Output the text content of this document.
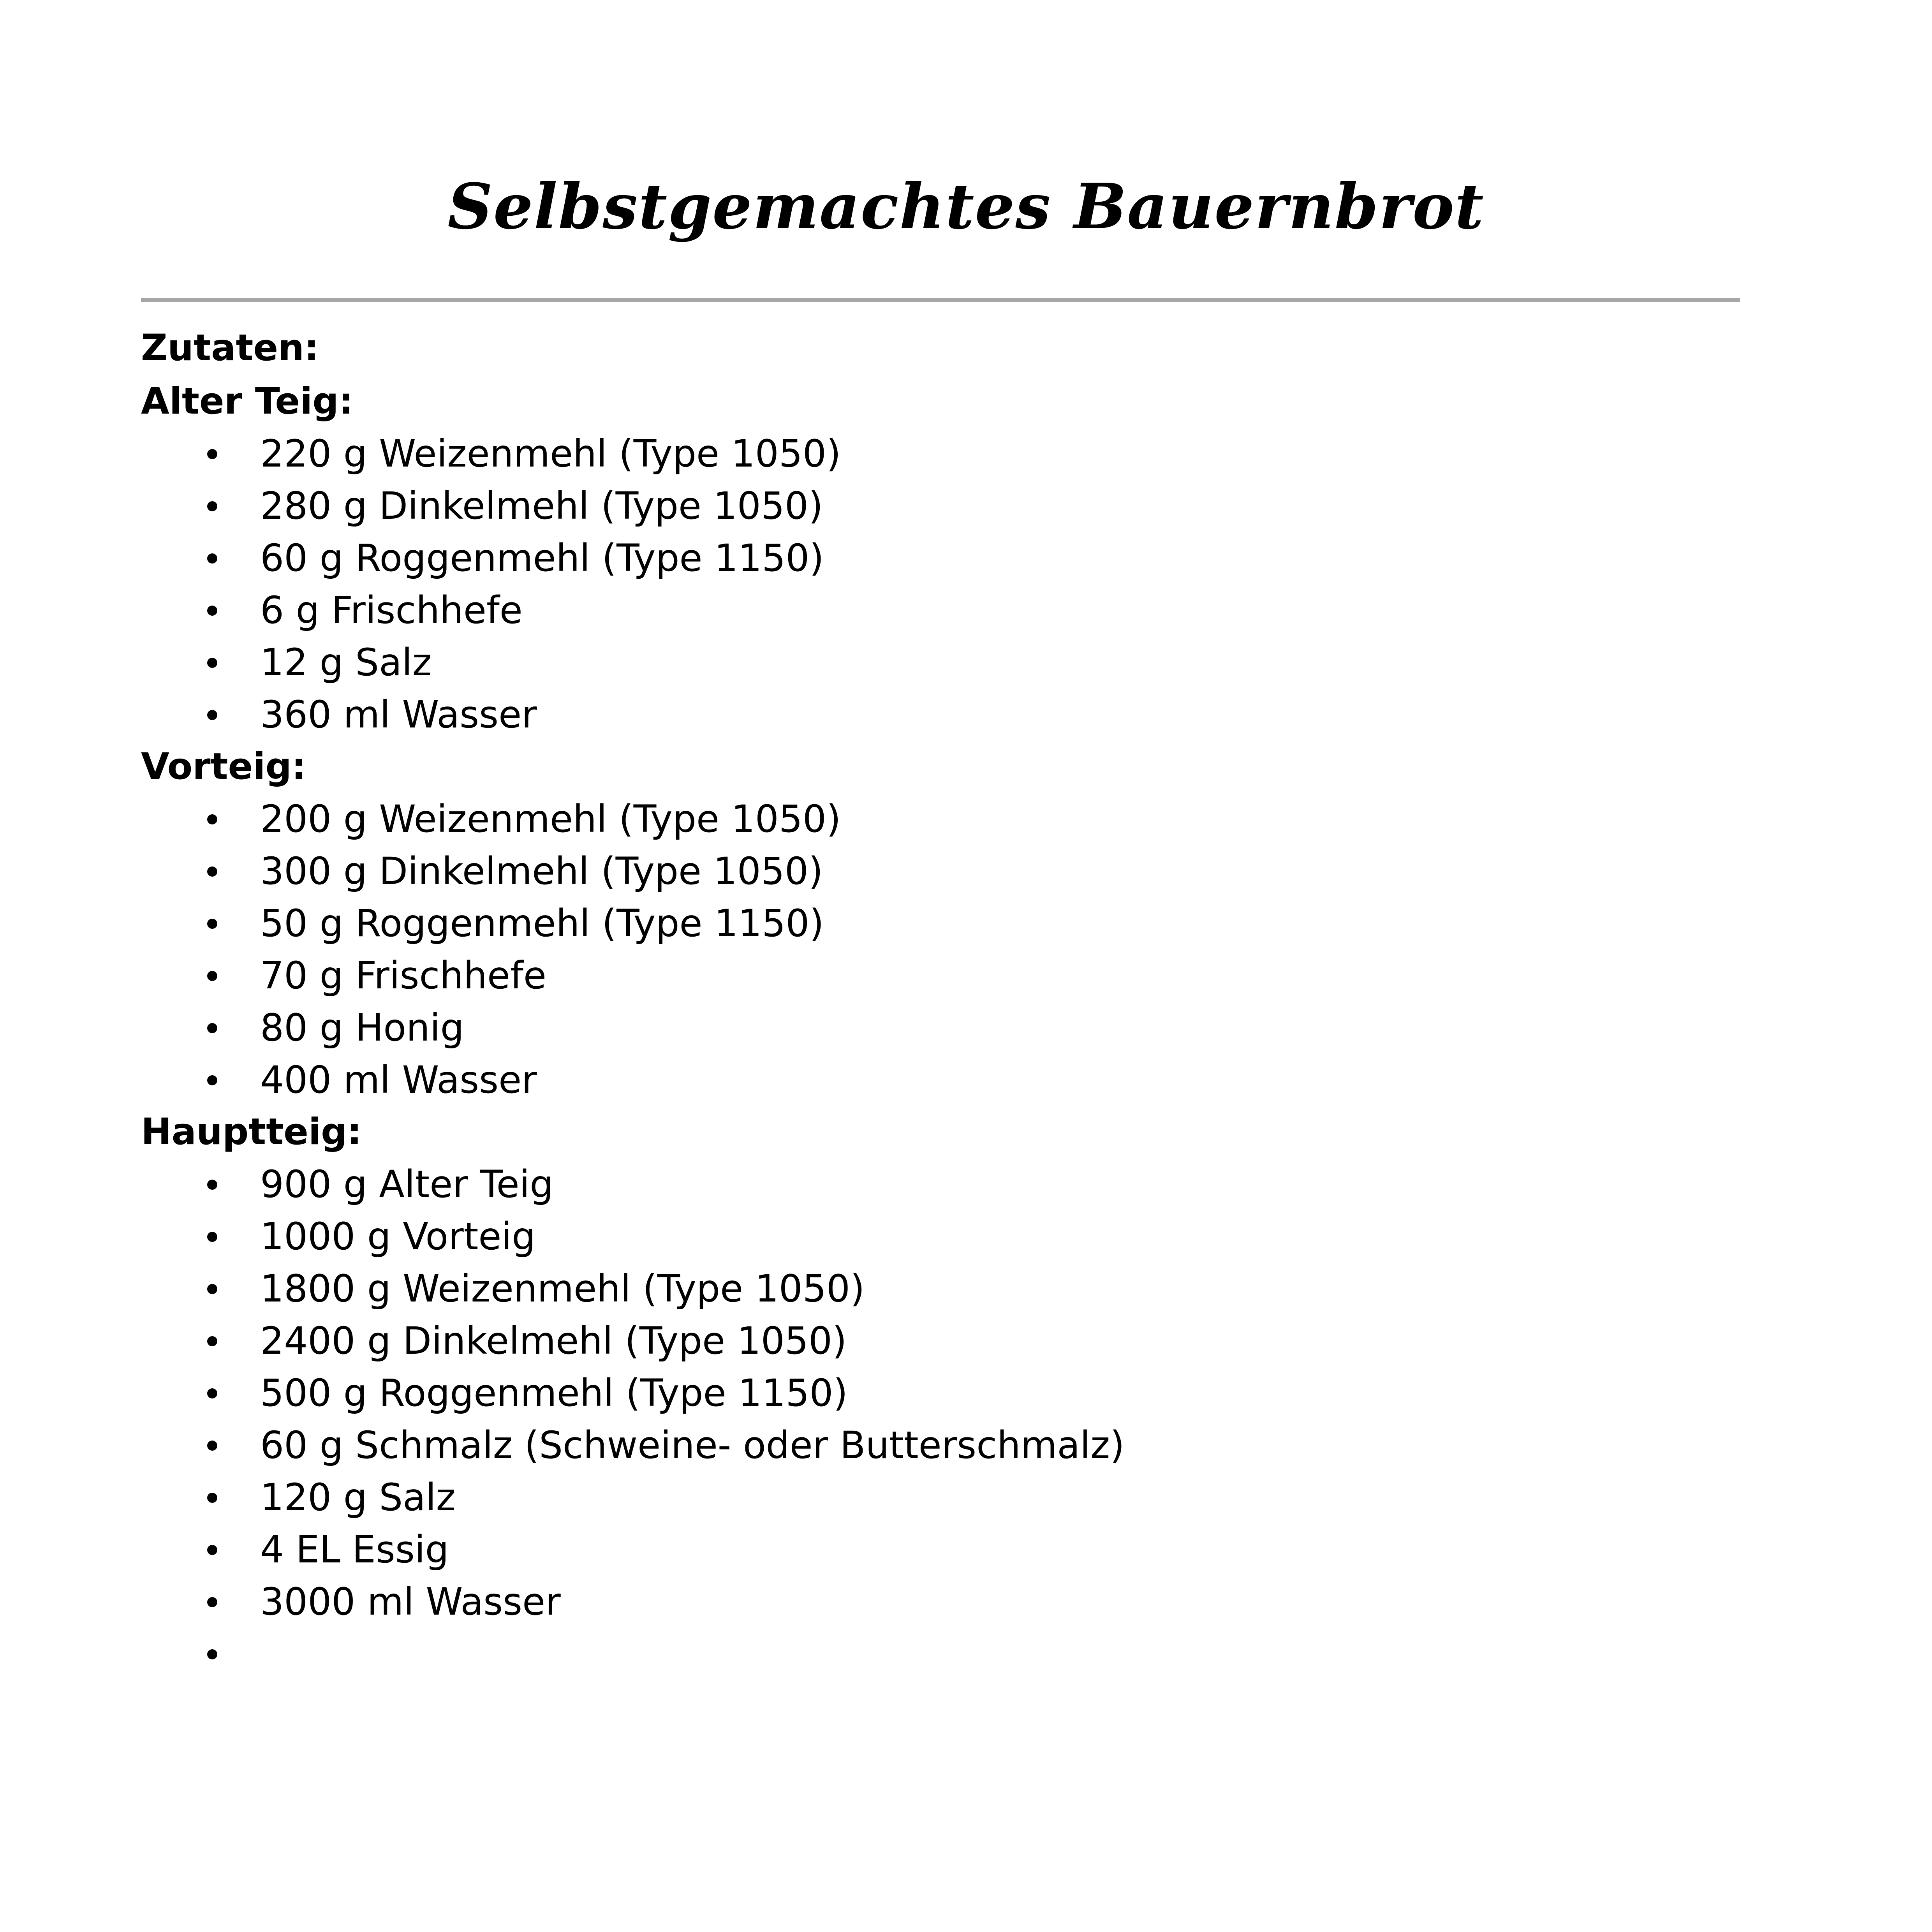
Selbstgemachtes Bauernbrot
Zutaten:
Alter Teig:
220 g Weizenmehl (Type 1050)
280 g Dinkelmehl (Type 1050)
60 g Roggenmehl (Type 1150)
6 g Frischhefe
12 g Salz
360 ml Wasser
Vorteig:
200 g Weizenmehl (Type 1050)
300 g Dinkelmehl (Type 1050)
50 g Roggenmehl (Type 1150)
70 g Frischhefe
80 g Honig
400 ml Wasser
Hauptteig:
900 g Alter Teig
1000 g Vorteig
1800 g Weizenmehl (Type 1050)
2400 g Dinkelmehl (Type 1050)
500 g Roggenmehl (Type 1150)
60 g Schmalz (Schweine- oder Butterschmalz)
120 g Salz
4 EL Essig
3000 ml Wasser
